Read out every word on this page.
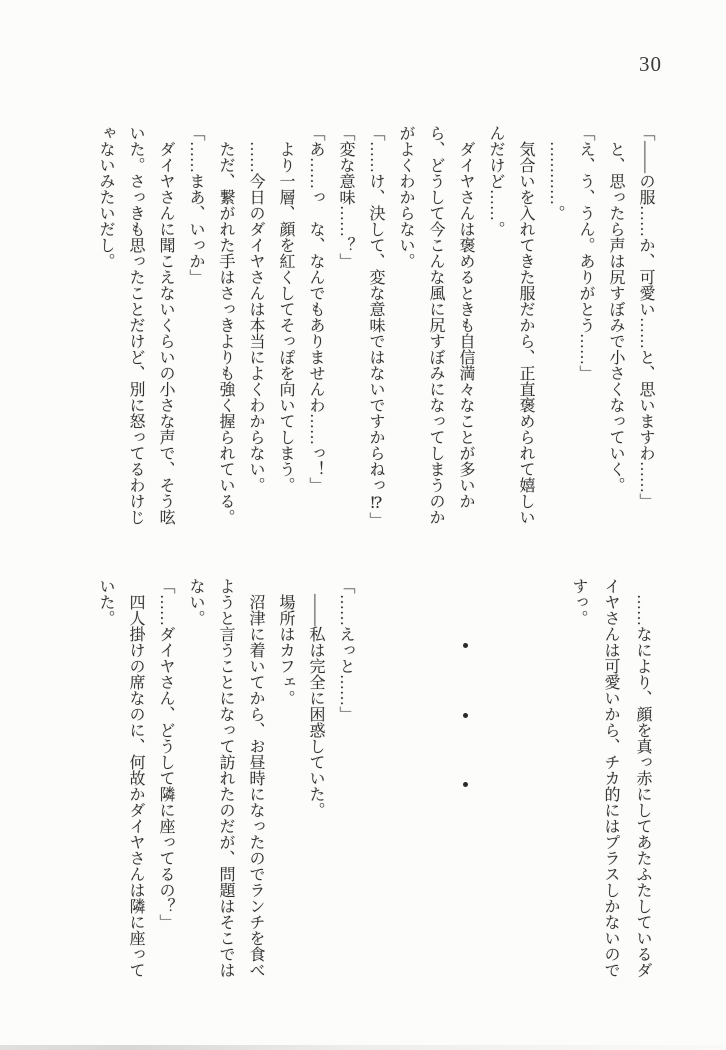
30
「——の服……か、可愛い……と、思いますわ……」
と、思ったら声は尻すぼみで小さくなっていく。
「え、う、うん。ありがとう……」
…………。
気合いを入れてきた服だから、正直褒められて嬉しい
んだけど……。
ダイヤさんは褒めるときも自信満々なことが多いか
ら、どうして今こんな風に尻すぼみになってしまうのか
がよくわからない。
「……け、決して、変な意味ではないですからねっ⁉」
「変な意味……？」
「あ……っ　な、なんでもありませんわ……っ！」
より一層、顔を紅くしてそっぽを向いてしまう。
……今日のダイヤさんは本当によくわからない。
ただ、繋がれた手はさっきよりも強く握られている。
「……まあ、いっか」
ダイヤさんに聞こえないくらいの小さな声で、そう呟
いた。さっきも思ったことだけど、別に怒ってるわけじ
ゃないみたいだし。
……なにより、顔を真っ赤にしてあたふたしているダ
イヤさんは可愛いから、チカ的にはプラスしかないので
すっ。
「……えっと……」
——私は完全に困惑していた。
場所はカフェ。
沼津に着いてから、お昼時になったのでランチを食べ
ようと言うことになって訪れたのだが、問題はそこでは
ない。
「……ダイヤさん、どうして隣に座ってるの？」
四人掛けの席なのに、何故かダイヤさんは隣に座って
いた。
